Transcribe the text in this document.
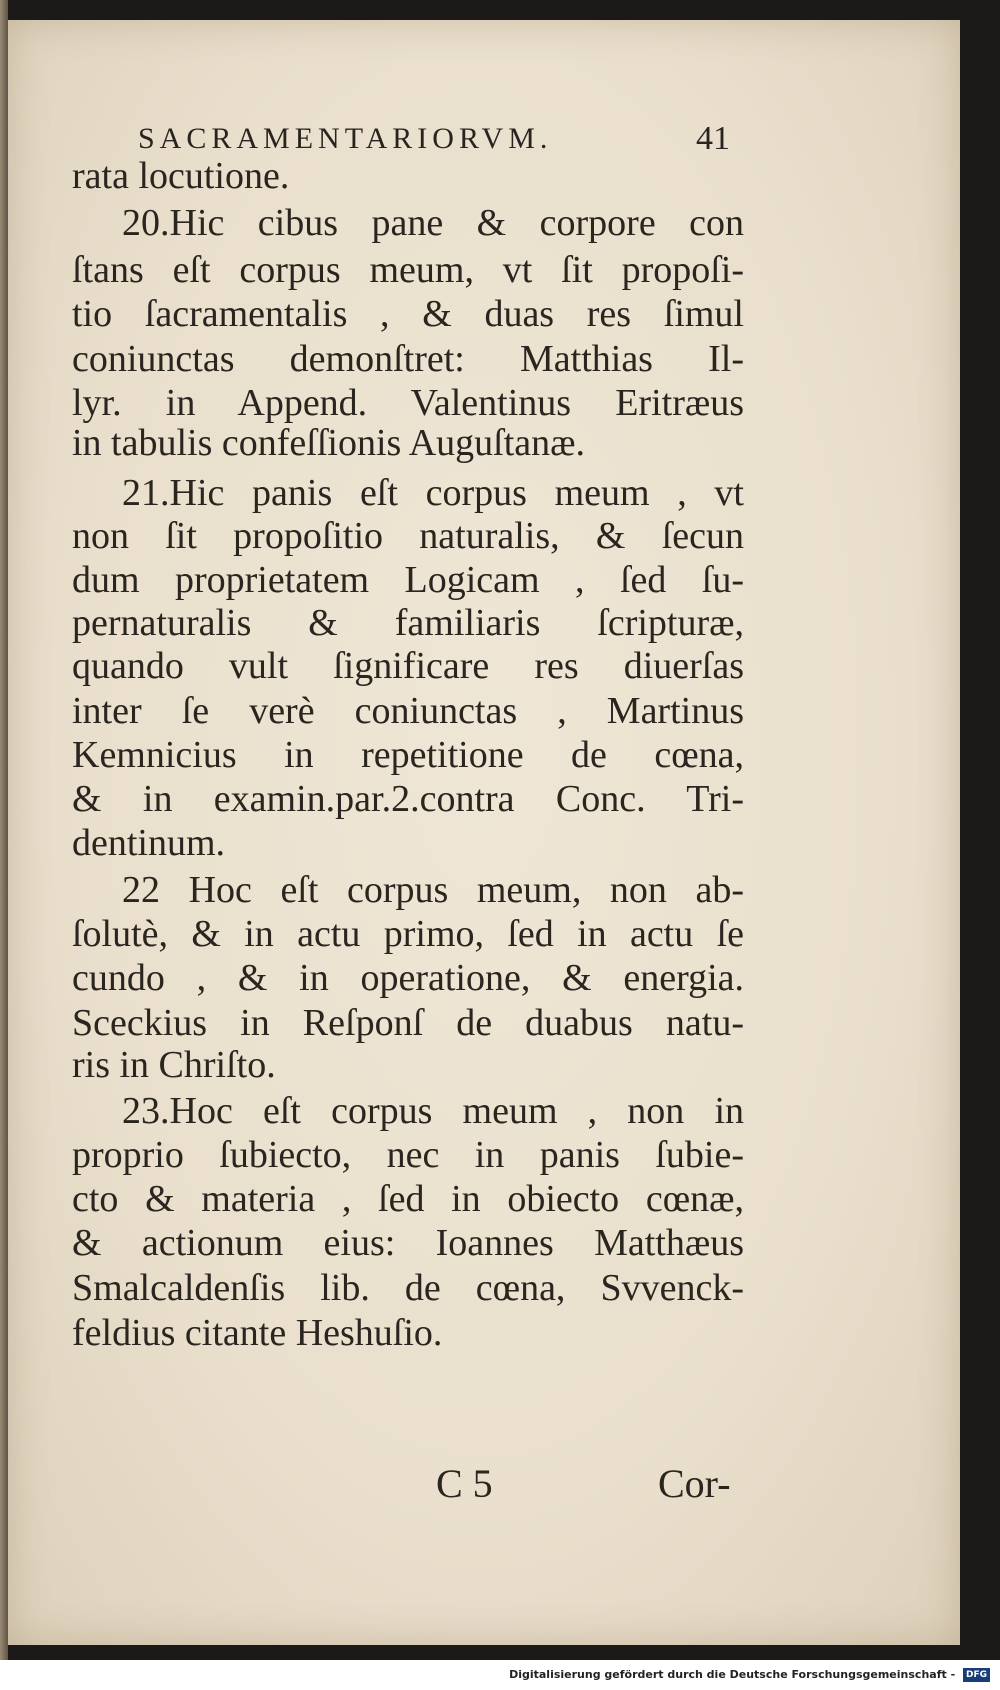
SACRAMENTARIORVM.	41
rata locutione.
20.Hic cibus pane & corpore con
ſtans eſt corpus meum, vt ſit propoſi-
tio ſacramentalis , & duas res ſimul
coniunctas demonſtret: Matthias Il-
lyr. in Append. Valentinus Eritræus
in tabulis confeſſionis Auguſtanæ.
21.Hic panis eſt corpus meum , vt
non ſit propoſitio naturalis, & ſecun
dum proprietatem Logicam , ſed ſu-
pernaturalis & familiaris ſcripturæ,
quando vult ſignificare res diuerſas
inter ſe verè coniunctas , Martinus
Kemnicius in repetitione de cœna,
& in examin.par.2.contra Conc. Tri-
dentinum.
22 Hoc eſt corpus meum, non ab-
ſolutè, & in actu primo, ſed in actu ſe
cundo , & in operatione, & energia.
Sceckius in Reſponſ de duabus natu-
ris in Chriſto.
23.Hoc eſt corpus meum , non in
proprio ſubiecto, nec in panis ſubie-
cto & materia , ſed in obiecto cœnæ,
& actionum eius: Ioannes Matthæus
Smalcaldenſis lib. de cœna, Svvenck-
feldius citante Heshuſio.
C 5	Cor-
Digitalisierung gefördert durch die Deutsche Forschungsgemeinschaft - DFG
